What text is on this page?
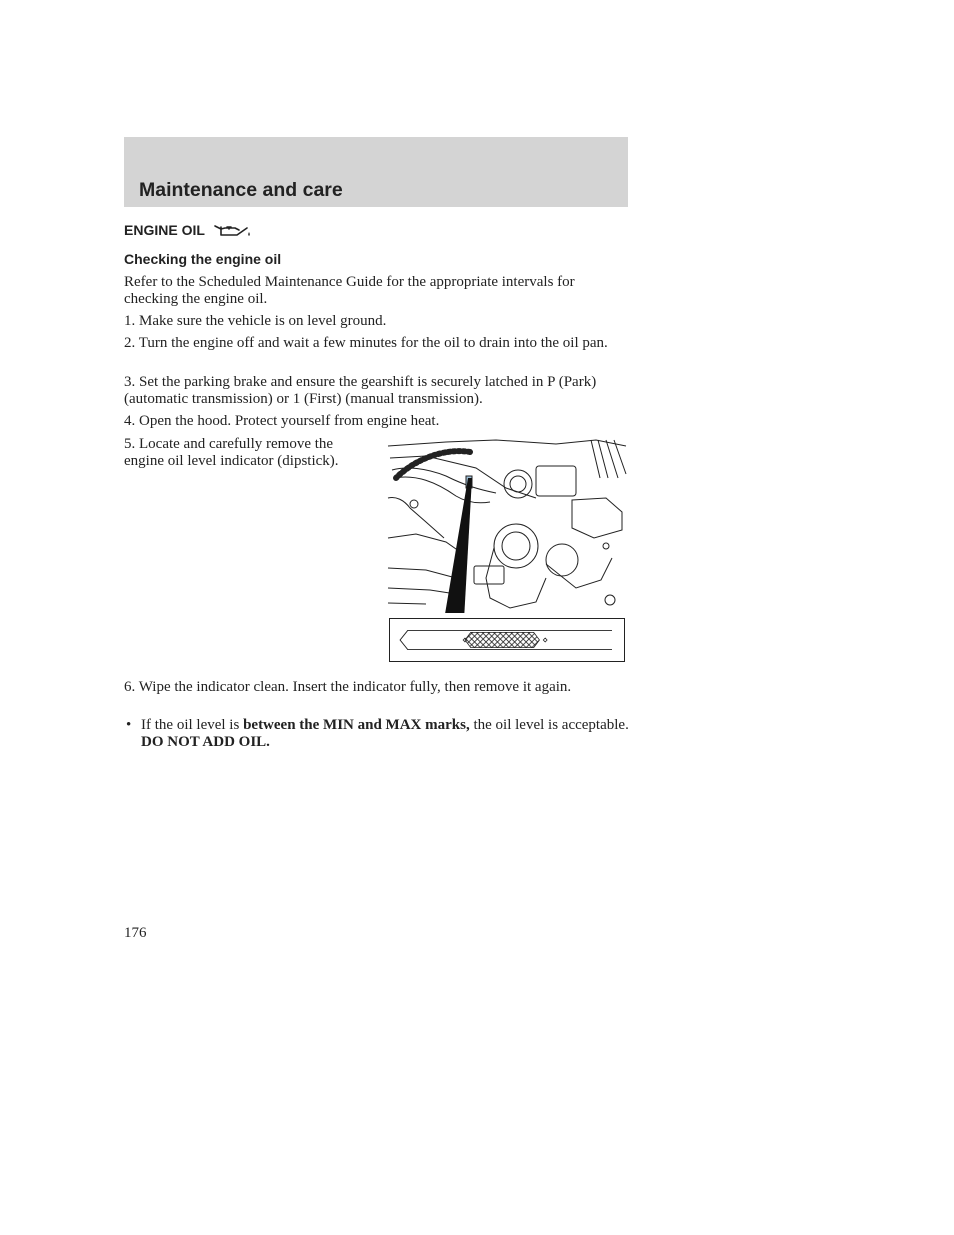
Maintenance and care
ENGINE OIL
Checking the engine oil
Refer to the Scheduled Maintenance Guide for the appropriate intervals for checking the engine oil.
1. Make sure the vehicle is on level ground.
2. Turn the engine off and wait a few minutes for the oil to drain into the oil pan.
3. Set the parking brake and ensure the gearshift is securely latched in P (Park) (automatic transmission) or 1 (First) (manual transmission).
4. Open the hood. Protect yourself from engine heat.
5. Locate and carefully remove the engine oil level indicator (dipstick).
6. Wipe the indicator clean. Insert the indicator fully, then remove it again.
• If the oil level is between the MIN and MAX marks, the oil level is acceptable. DO NOT ADD OIL.
176
